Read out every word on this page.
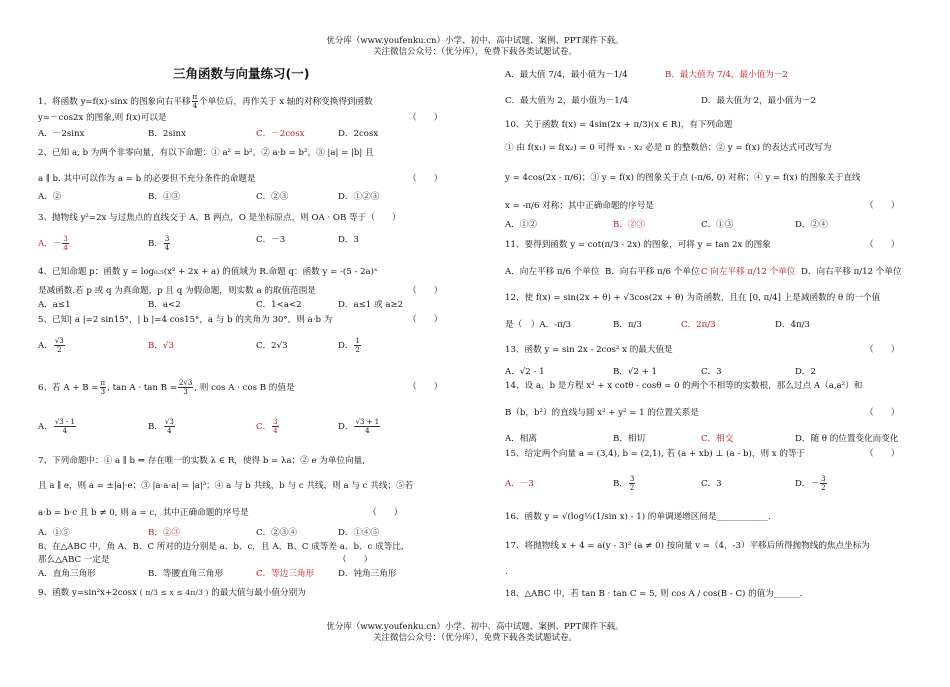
优分库（www.youfenku.cn）小学、初中、高中试题、案例、PPT课件下载。
关注微信公众号：（优分库），免费下载各类试题试卷。
三角函数与向量练习(一)
1、将函数 y=f(x)·sinx 的图象向右平移 $\frac{\pi}{4}$ 个单位后，再作关于 x 轴的对称变换得到函数
y=－cos2x 的图象,则 f(x)可以是	（　　）
A．－2sinx	B．2sinx	C．－2cosx	D．2cosx
2、已知 a, b 为两个非零向量，有以下命题：① a² = b²，② a·b = b²，③ |a| = |b| 且
a ∥ b. 其中可以作为 a = b 的必要但不充分条件的命题是	（　　）
A．②	B．①③	C．②③	D．①②③
3、抛物线 y²=2x 与过焦点的直线交于 A、B 两点，O 是坐标原点，则 OA · OB 等于（　　）
A．－ $\frac{3}{4}$	B． $\frac{3}{4}$	C．－3	D．3
4、已知命题 p：函数 y = log₀.₅(x² + 2x + a) 的值域为 R.命题 q：函数 y = -(5 - 2a)ˣ
是减函数.若 p 或 q 为真命题，p 且 q 为假命题，则实数 a 的取值范围是	（　　）
A．a≤1	B．a<2	C．1<a<2	D．a≤1 或 a≥2
5、已知| a |=2 sin15°，| b |=4 cos15°，a 与 b 的夹角为 30°，则 a·b 为	（　　）
A． $\frac{√3}{2}$	B．√3	C．2√3	D． $\frac{1}{2}$
6、若 $A + B = \frac{\pi}{3}$ , $\tan A \cdot \tan B = \frac{2√3}{3}$ , 则 cos A · cos B 的值是	（　　）
A． $\frac{√3 - 1}{4}$	B． $\frac{√3}{4}$	C． $\frac{3}{4}$	D． $\frac{√3 + 1}{4}$
7、下列命题中：① a ∥ b ⇔ 存在唯一的实数 λ ∈ R，使得 b = λa；② e 为单位向量,
且 a ∥ e，则 a = ±|a|·e；③ |a·a·a| = |a|³；④ a 与 b 共线，b 与 c 共线，则 a 与 c 共线；⑤若
a·b = b·c 且 b ≠ 0, 则 a = c，其中正确命题的序号是	（　　）
A．①⑤	B．②③	C．②③④	D．①④⑤
8、在△ABC 中，角 A、B、C 所对的边分别是 a、b、c，且 A、B、C 成等差 a、b、c 成等比,
那么△ABC 一定是	（　　）
A．直角三角形	B．等腰直角三角形	C．等边三角形	D．钝角三角形
9、函数 y=sin²x+2cosx ( π/3 ≤ x ≤ 4π/3 ) 的最大值与最小值分别为
A．最大值 7/4，最小值为－1/4	B．最大值为 7/4，最小值为－2
C．最大值为 2，最小值为－1/4	D．最大值为 2，最小值为－2
10、关于函数 f(x) = 4sin(2x + π/3)(x ∈ R)，有下列命题
① 由 f(x₁) = f(x₂) = 0 可得 x₁ - x₂ 必是 π 的整数倍；② y = f(x) 的表达式可改写为
y = 4cos(2x - π/6)；③ y = f(x) 的图象关于点 (-π/6, 0) 对称；④ y = f(x) 的图象关于直线
x = -π/6 对称；其中正确命题的序号是	（　　）
A．①②	B．②③	C．①③	D．②④
11、要得到函数 y = cot(π/3 - 2x) 的图象，可将 y = tan 2x 的图象	（　　）
A．向左平移 π/6 个单位 B．向右平移 π/6 个单位 C 向左平移 π/12 个单位 D．向右平移 π/12 个单位
12、使 f(x) = sin(2x + θ) + √3cos(2x + θ) 为奇函数，且在 [0, π/4] 上是减函数的 θ 的一个值
是（　）A．-π/3	B．π/3	C．2π/3	D．4π/3
13、函数 y = sin 2x - 2cos² x 的最大值是	（　　）
A．√2 - 1	B．√2 + 1	C．3	D．2
14、设 a、b 是方程 x² + x cotθ - cosθ = 0 的两个不相等的实数根，那么过点 A（a,a²）和
B（b，b²）的直线与圆 x² + y² = 1 的位置关系是	（　　）
A．相离	B．相切	C．相交	D．随 θ 的位置变化而变化
15、给定两个向量 a = (3,4), b = (2,1), 若 (a + xb) ⊥ (a - b)，则 x 的等于	（　　）
A．－3	B． $\frac{3}{2}$	C．3	D．－ $\frac{3}{2}$
16、函数 y = √(log½(1/sin x) - 1) 的单调递增区间是____________．
17、将抛物线 x + 4 = a(y - 3)² (a ≠ 0) 按向量 v =（4，-3）平移后所得抛物线的焦点坐标为
.
18、△ABC 中，若 tan B · tan C = 5, 则 cos A / cos(B - C) 的值为______．
优分库（www.youfenku.cn）小学、初中、高中试题、案例、PPT课件下载。
关注微信公众号：（优分库），免费下载各类试题试卷。
